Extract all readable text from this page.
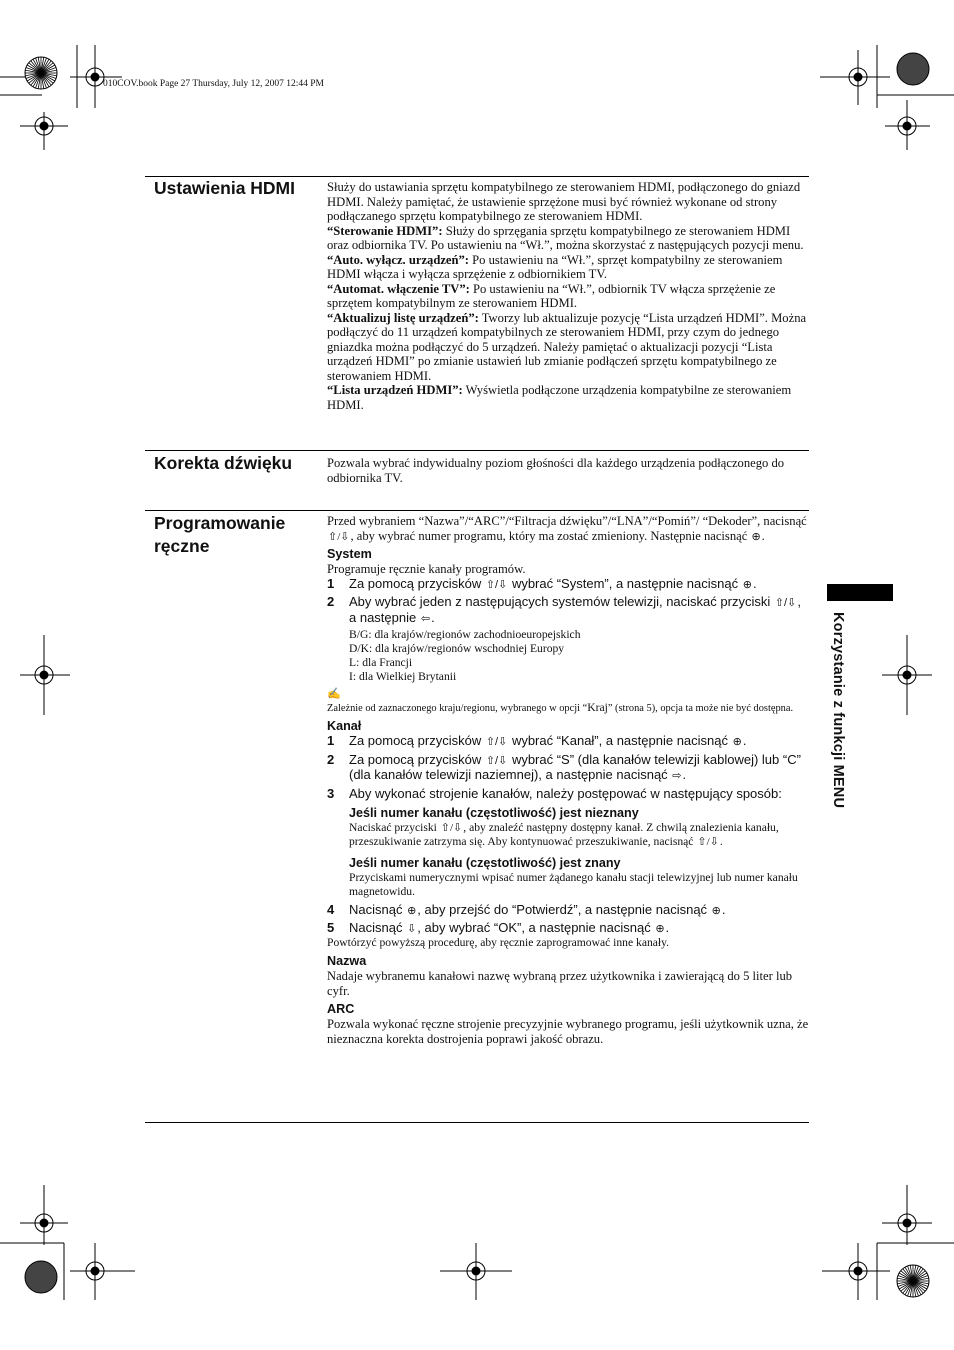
010COV.book Page 27 Thursday, July 12, 2007 12:44 PM
Korzystanie z funkcji MENU
Ustawienia HDMI	Służy do ustawiania sprzętu kompatybilnego ze sterowaniem HDMI, podłączonego do gniazd HDMI. Należy pamiętać, że ustawienie sprzężone musi być również wykonane od strony podłączanego sprzętu kompatybilnego ze sterowaniem HDMI.

“Sterowanie HDMI”: Służy do sprzęgania sprzętu kompatybilnego ze sterowaniem HDMI oraz odbiornika TV. Po ustawieniu na “Wł.”, można skorzystać z następujących pozycji menu.

“Auto. wyłącz. urządzeń”: Po ustawieniu na “Wł.”, sprzęt kompatybilny ze sterowaniem HDMI włącza i wyłącza sprzężenie z odbiornikiem TV.

“Automat. włączenie TV”: Po ustawieniu na “Wł.”, odbiornik TV włącza sprzężenie ze sprzętem kompatybilnym ze sterowaniem HDMI.

“Aktualizuj listę urządzeń”: Tworzy lub aktualizuje pozycję “Lista urządzeń HDMI”. Można podłączyć do 11 urządzeń kompatybilnych ze sterowaniem HDMI, przy czym do jednego gniazdka można podłączyć do 5 urządzeń. Należy pamiętać o aktualizacji pozycji “Lista urządzeń HDMI” po zmianie ustawień lub zmianie podłączeń sprzętu kompatybilnego ze sterowaniem HDMI.

“Lista urządzeń HDMI”: Wyświetla podłączone urządzenia kompatybilne ze sterowaniem HDMI.

Korekta dźwięku	Pozwala wybrać indywidualny poziom głośności dla każdego urządzenia podłączonego do odbiornika TV.

Programowanie ręczne

Przed wybraniem “Nazwa”/“ARC”/“Filtracja dźwięku”/“LNA”/“Pomiń”/ “Dekoder”, nacisnąć ⇧/⇩, aby wybrać numer programu, który ma zostać zmieniony. Następnie nacisnąć ⊕.

System

Programuje ręcznie kanały programów.

1 Za pomocą przycisków ⇧/⇩ wybrać “System”, a następnie nacisnąć ⊕.
2 Aby wybrać jeden z następujących systemów telewizji, naciskać przyciski ⇧/⇩, a następnie ⇦.
B/G: dla krajów/regionów zachodnioeuropejskich
D/K: dla krajów/regionów wschodniej Europy
L: dla Francji
I: dla Wielkiej Brytanii
✍

Zależnie od zaznaczonego kraju/regionu, wybranego w opcji “Kraj” (strona 5), opcja ta może nie być dostępna.

Kanał
1 Za pomocą przycisków ⇧/⇩ wybrać “Kanał”, a następnie nacisnąć ⊕.
2 Za pomocą przycisków ⇧/⇩ wybrać “S” (dla kanałów telewizji kablowej) lub “C” (dla kanałów telewizji naziemnej), a następnie nacisnąć ⇨.
3 Aby wykonać strojenie kanałów, należy postępować w następujący sposób:
Jeśli numer kanału (częstotliwość) jest nieznany

Naciskać przyciski ⇧/⇩, aby znaleźć następny dostępny kanał. Z chwilą znalezienia kanału, przeszukiwanie zatrzyma się. Aby kontynuować przeszukiwanie, nacisnąć ⇧/⇩.

Jeśli numer kanału (częstotliwość) jest znany

Przyciskami numerycznymi wpisać numer żądanego kanału stacji telewizyjnej lub numer kanału magnetowidu.

4 Nacisnąć ⊕, aby przejść do “Potwierdź”, a następnie nacisnąć ⊕.
5 Nacisnąć ⇩, aby wybrać “OK”, a następnie nacisnąć ⊕.

Powtórzyć powyższą procedurę, aby ręcznie zaprogramować inne kanały.

Nazwa

Nadaje wybranemu kanałowi nazwę wybraną przez użytkownika i zawierającą do 5 liter lub cyfr.

ARC

Pozwala wykonać ręczne strojenie precyzyjnie wybranego programu, jeśli użytkownik uzna, że nieznaczna korekta dostrojenia poprawi jakość obrazu.
